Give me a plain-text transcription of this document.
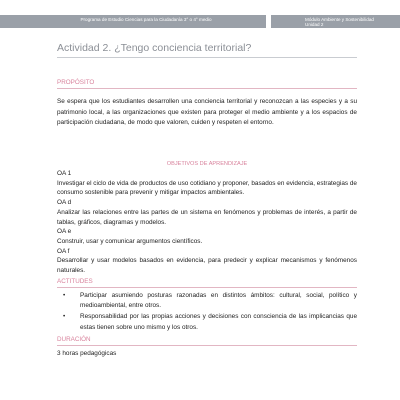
Programa de Estudio Ciencias para la Ciudadanía 3° o 4° medio	Módulo Ambiente y Sostenibilidad
Unidad 2
Actividad 2. ¿Tengo conciencia territorial?
PROPÓSITO
Se espera que los estudiantes desarrollen una conciencia territorial y reconozcan a las especies y a su patrimonio local, a las organizaciones que existen para proteger el medio ambiente y a los espacios de participación ciudadana, de modo que valoren, cuiden y respeten el entorno.
OBJETIVOS DE APRENDIZAJE
OA 1
Investigar el ciclo de vida de productos de uso cotidiano y proponer, basados en evidencia, estrategias de consumo sostenible para prevenir y mitigar impactos ambientales.
OA d
Analizar las relaciones entre las partes de un sistema en fenómenos y problemas de interés, a partir de tablas, gráficos, diagramas y modelos.
OA e
Construir, usar y comunicar argumentos científicos.
OA f
Desarrollar y usar modelos basados en evidencia, para predecir y explicar mecanismos y fenómenos naturales.
ACTITUDES
• Participar asumiendo posturas razonadas en distintos ámbitos: cultural, social, político y medioambiental, entre otros.
• Responsabilidad por las propias acciones y decisiones con consciencia de las implicancias que estas tienen sobre uno mismo y los otros.
DURACIÓN
3 horas pedagógicas
